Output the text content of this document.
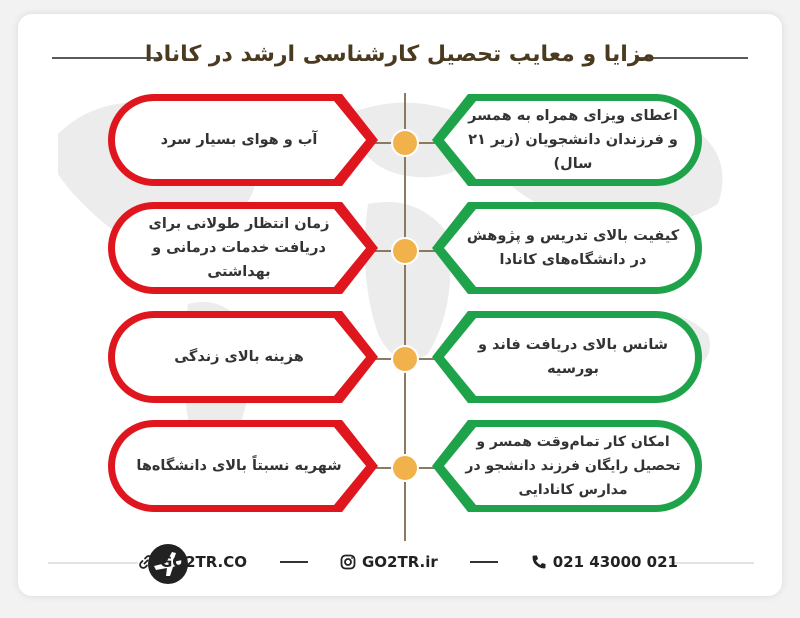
مزایا و معایب تحصیل کارشناسی ارشد در کانادا
آب و هوای بسیار سرد
زمان انتظار طولانی برای دریافت خدمات درمانی و بهداشتی
هزینه بالای زندگی
شهریه نسبتاً بالای دانشگاه‌ها
اعطای ویزای همراه به همسر و فرزندان دانشجویان (زیر ۲۱ سال)
کیفیت بالای تدریس و پژوهش در دانشگاه‌های کانادا
شانس بالای دریافت فاند و بورسیه
امکان کار تمام‌وقت همسر و تحصیل رایگان فرزند دانشجو در مدارس کانادایی
GO2TR.CO	GO2TR.ir	021 43000 021
